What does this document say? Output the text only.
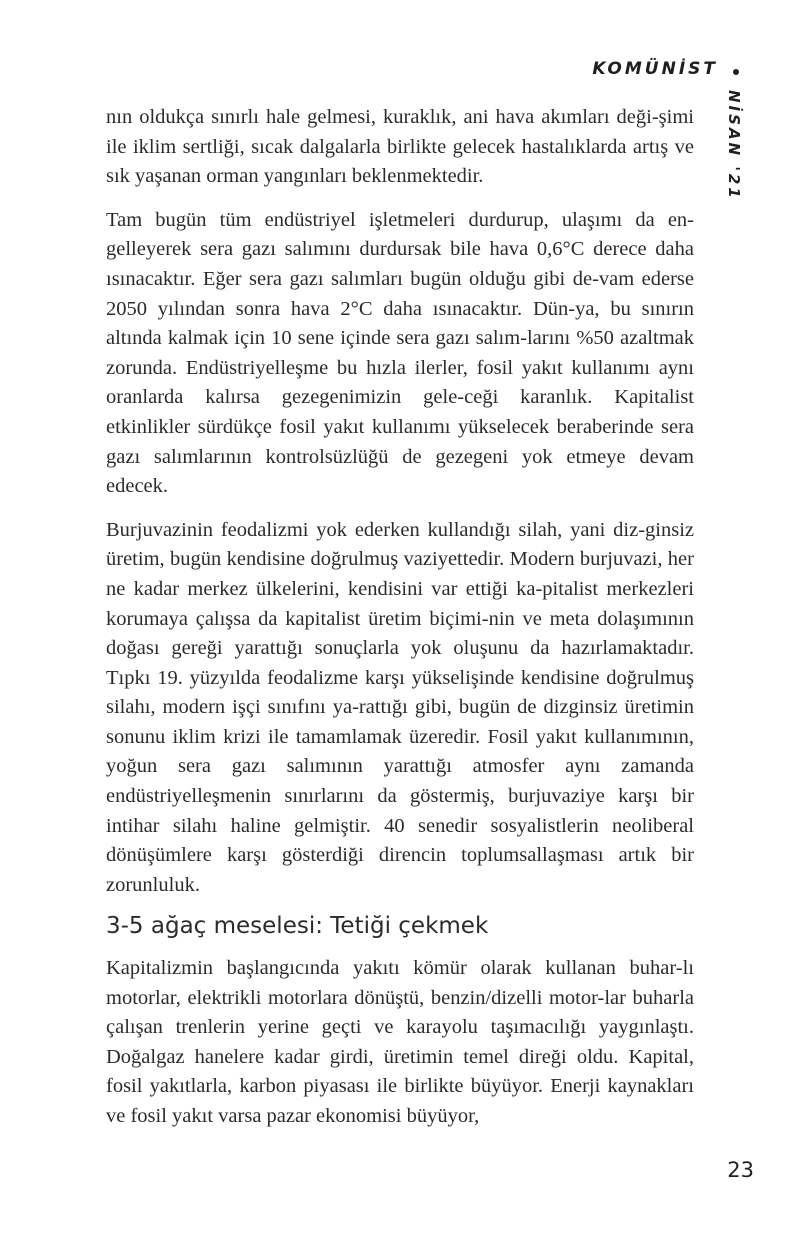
KOMÜNİST
NİSAN '21

nın oldukça sınırlı hale gelmesi, kuraklık, ani hava akımları deği-şimi ile iklim sertliği, sıcak dalgalarla birlikte gelecek hastalıklarda artış ve sık yaşanan orman yangınları beklenmektedir.

Tam bugün tüm endüstriyel işletmeleri durdurup, ulaşımı da en-gelleyerek sera gazı salımını durdursak bile hava 0,6°C derece daha ısınacaktır. Eğer sera gazı salımları bugün olduğu gibi de-vam ederse 2050 yılından sonra hava 2°C daha ısınacaktır. Dün-ya, bu sınırın altında kalmak için 10 sene içinde sera gazı salım-larını %50 azaltmak zorunda. Endüstriyelleşme bu hızla ilerler, fosil yakıt kullanımı aynı oranlarda kalırsa gezegenimizin gele-ceği karanlık. Kapitalist etkinlikler sürdükçe fosil yakıt kullanımı yükselecek beraberinde sera gazı salımlarının kontrolsüzlüğü de gezegeni yok etmeye devam edecek.

Burjuvazinin feodalizmi yok ederken kullandığı silah, yani diz-ginsiz üretim, bugün kendisine doğrulmuş vaziyettedir. Modern burjuvazi, her ne kadar merkez ülkelerini, kendisini var ettiği ka-pitalist merkezleri korumaya çalışsa da kapitalist üretim biçimi-nin ve meta dolaşımının doğası gereği yarattığı sonuçlarla yok oluşunu da hazırlamaktadır. Tıpkı 19. yüzyılda feodalizme karşı yükselişinde kendisine doğrulmuş silahı, modern işçi sınıfını ya-rattığı gibi, bugün de dizginsiz üretimin sonunu iklim krizi ile tamamlamak üzeredir. Fosil yakıt kullanımının, yoğun sera gazı salımının yarattığı atmosfer aynı zamanda endüstriyelleşmenin sınırlarını da göstermiş, burjuvaziye karşı bir intihar silahı haline gelmiştir. 40 senedir sosyalistlerin neoliberal dönüşümlere karşı gösterdiği direncin toplumsallaşması artık bir zorunluluk.

3-5 ağaç meselesi: Tetiği çekmek

Kapitalizmin başlangıcında yakıtı kömür olarak kullanan buhar-lı motorlar, elektrikli motorlara dönüştü, benzin/dizelli motor-lar buharla çalışan trenlerin yerine geçti ve karayolu taşımacılığı yaygınlaştı. Doğalgaz hanelere kadar girdi, üretimin temel direği oldu. Kapital, fosil yakıtlarla, karbon piyasası ile birlikte büyüyor. Enerji kaynakları ve fosil yakıt varsa pazar ekonomisi büyüyor,

23
